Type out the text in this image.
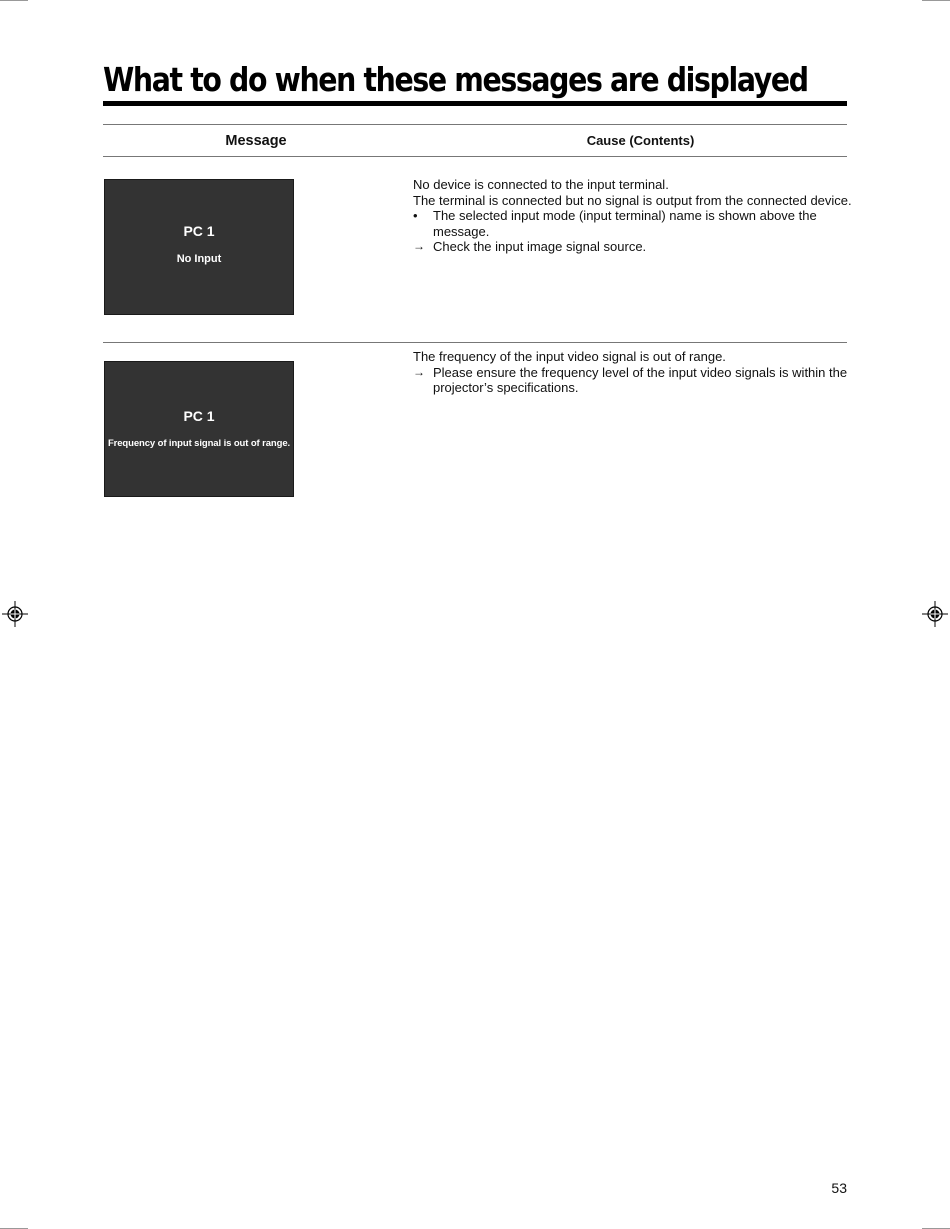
What to do when these messages are displayed
Message	Cause (Contents)
PC 1
No Input

No device is connected to the input terminal.

The terminal is connected but no signal is output from the connected device.

• The selected input mode (input terminal) name is shown above the message.

→ Check the input image signal source.

PC 1
Frequency of input signal is out of range.

The frequency of the input video signal is out of range.

→ Please ensure the frequency level of the input video signals is within the projector’s specifications.

53
